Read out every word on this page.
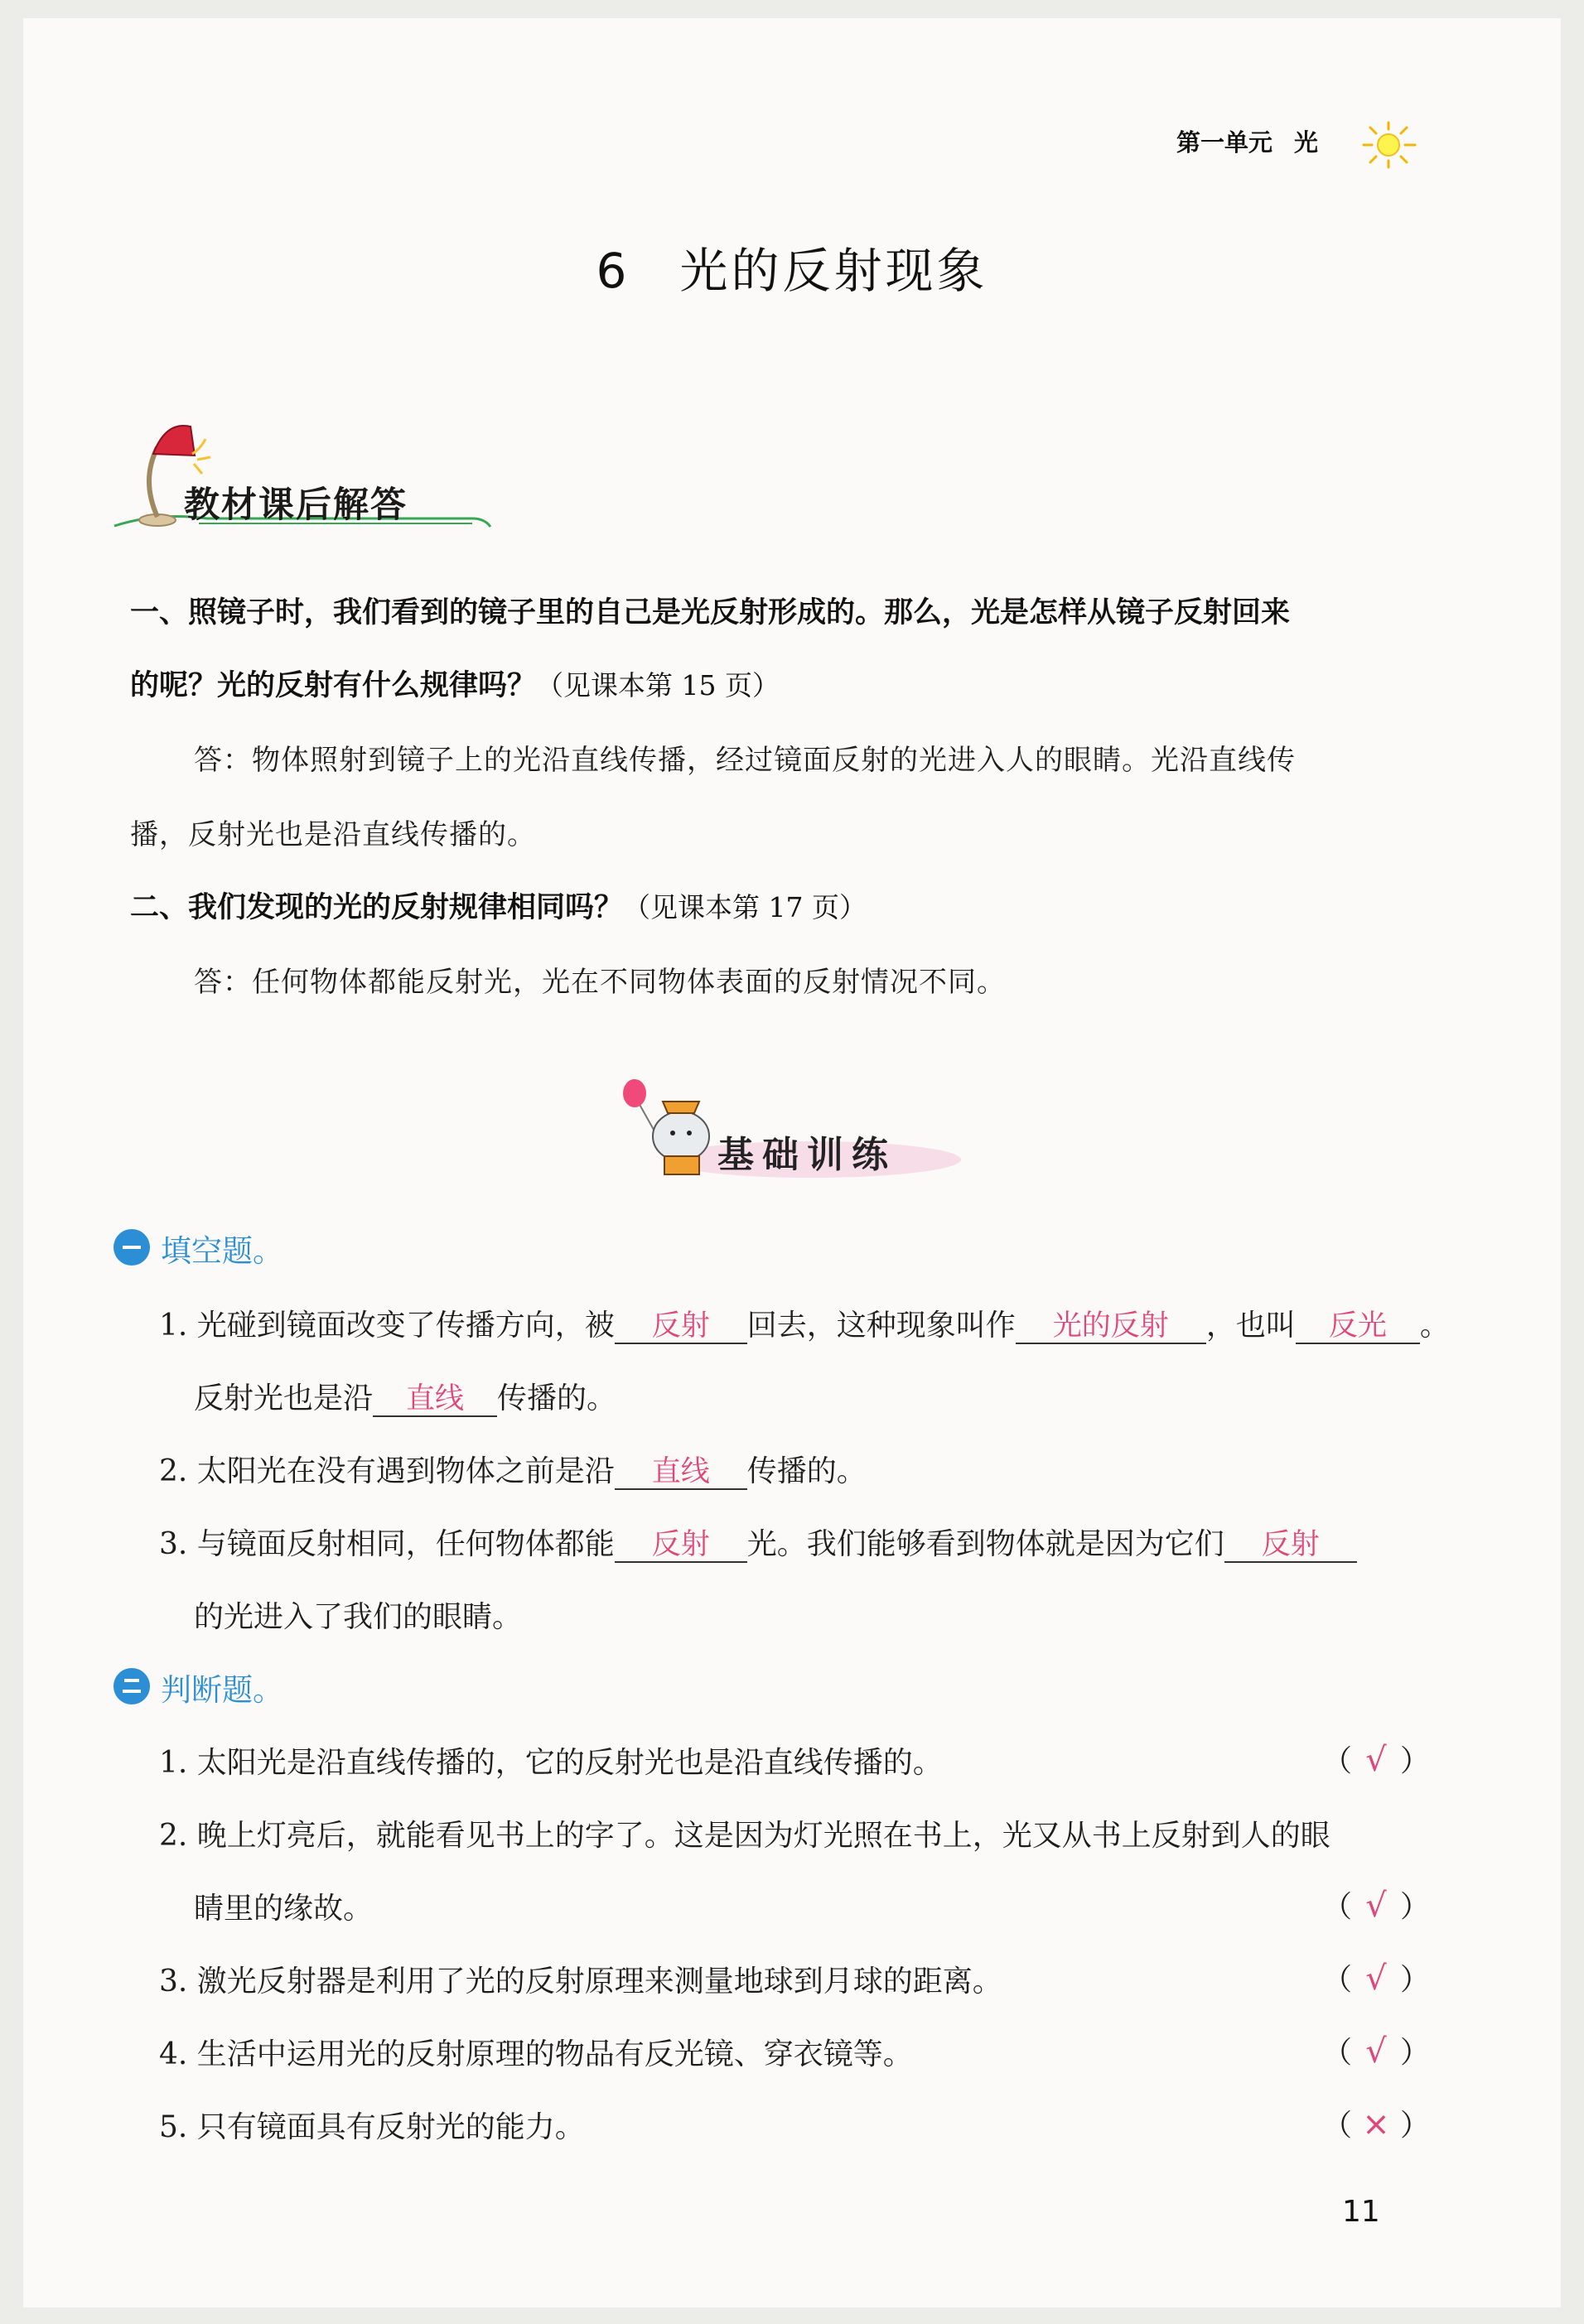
第一单元 光
6 光的反射现象
教材课后解答
一、照镜子时，我们看到的镜子里的自己是光反射形成的。那么，光是怎样从镜子反射回来
的呢？光的反射有什么规律吗？（见课本第 15 页）
答：物体照射到镜子上的光沿直线传播，经过镜面反射的光进入人的眼睛。光沿直线传
播，反射光也是沿直线传播的。
二、我们发现的光的反射规律相同吗？（见课本第 17 页）
答：任何物体都能反射光，光在不同物体表面的反射情况不同。
基础训练
填空题。
1. 光碰到镜面改变了传播方向，被 反射 回去，这种现象叫作 光的反射 ，也叫 反光 。
反射光也是沿 直线 传播的。
2. 太阳光在没有遇到物体之前是沿 直线 传播的。
3. 与镜面反射相同，任何物体都能 反射 光。我们能够看到物体就是因为它们 反射
的光进入了我们的眼睛。
判断题。
1. 太阳光是沿直线传播的，它的反射光也是沿直线传播的。	（ √ ）
2. 晚上灯亮后，就能看见书上的字了。这是因为灯光照在书上，光又从书上反射到人的眼
睛里的缘故。	（ √ ）
3. 激光反射器是利用了光的反射原理来测量地球到月球的距离。	（ √ ）
4. 生活中运用光的反射原理的物品有反光镜、穿衣镜等。	（ √ ）
5. 只有镜面具有反射光的能力。	（ × ）
11
